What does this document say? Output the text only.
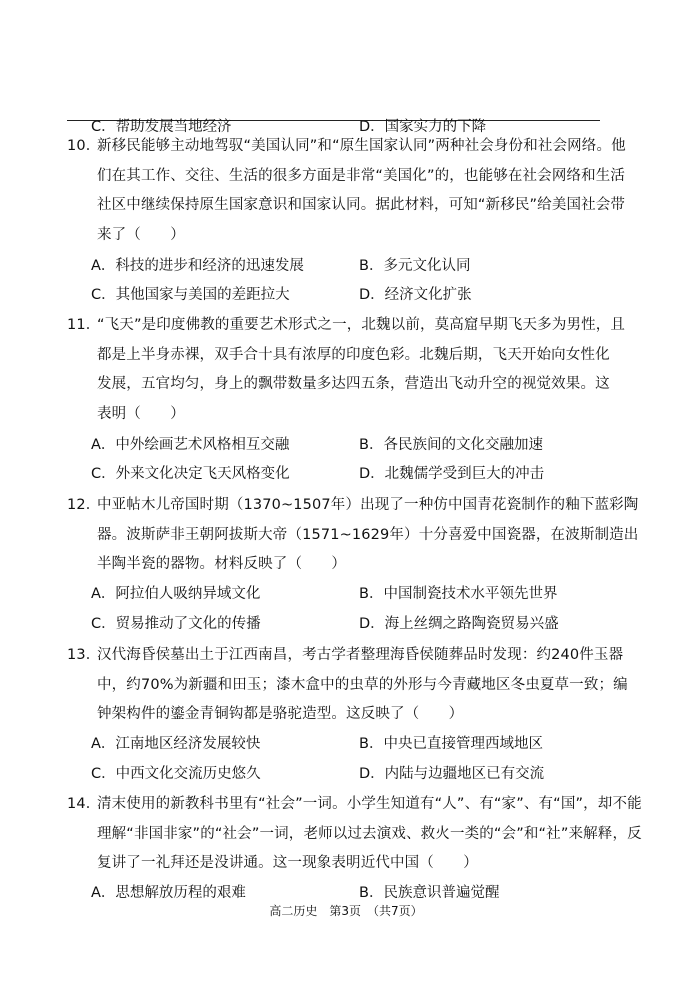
C．帮助发展当地经济	D．国家实力的下降
10．新移民能够主动地驾驭“美国认同”和“原生国家认同”两种社会身份和社会网络。他
们在其工作、交往、生活的很多方面是非常“美国化”的，也能够在社会网络和生活
社区中继续保持原生国家意识和国家认同。据此材料，可知“新移民”给美国社会带
来了（　　）
A．科技的进步和经济的迅速发展	B．多元文化认同
C．其他国家与美国的差距拉大	D．经济文化扩张
11．“飞天”是印度佛教的重要艺术形式之一，北魏以前，莫高窟早期飞天多为男性，且
都是上半身赤裸，双手合十具有浓厚的印度色彩。北魏后期，飞天开始向女性化
发展，五官均匀，身上的飘带数量多达四五条，营造出飞动升空的视觉效果。这
表明（　　）
A．中外绘画艺术风格相互交融	B．各民族间的文化交融加速
C．外来文化决定飞天风格变化	D．北魏儒学受到巨大的冲击
12．中亚帖木儿帝国时期（1370~1507年）出现了一种仿中国青花瓷制作的釉下蓝彩陶
器。波斯萨非王朝阿拔斯大帝（1571~1629年）十分喜爱中国瓷器，在波斯制造出
半陶半瓷的器物。材料反映了（　　）
A．阿拉伯人吸纳异域文化	B．中国制瓷技术水平领先世界
C．贸易推动了文化的传播	D．海上丝绸之路陶瓷贸易兴盛
13．汉代海昏侯墓出土于江西南昌，考古学者整理海昏侯随葬品时发现：约240件玉器
中，约70%为新疆和田玉；漆木盒中的虫草的外形与今青藏地区冬虫夏草一致；编
钟架构件的鎏金青铜钩都是骆驼造型。这反映了（　　）
A．江南地区经济发展较快	B．中央已直接管理西域地区
C．中西文化交流历史悠久	D．内陆与边疆地区已有交流
14．清末使用的新教科书里有“社会”一词。小学生知道有“人”、有“家”、有“国”，却不能
理解“非国非家”的“社会”一词，老师以过去演戏、救火一类的“会”和“社”来解释，反
复讲了一礼拜还是没讲通。这一现象表明近代中国（　　）
A．思想解放历程的艰难	B．民族意识普遍觉醒
高二历史　第3页　（共7页）
